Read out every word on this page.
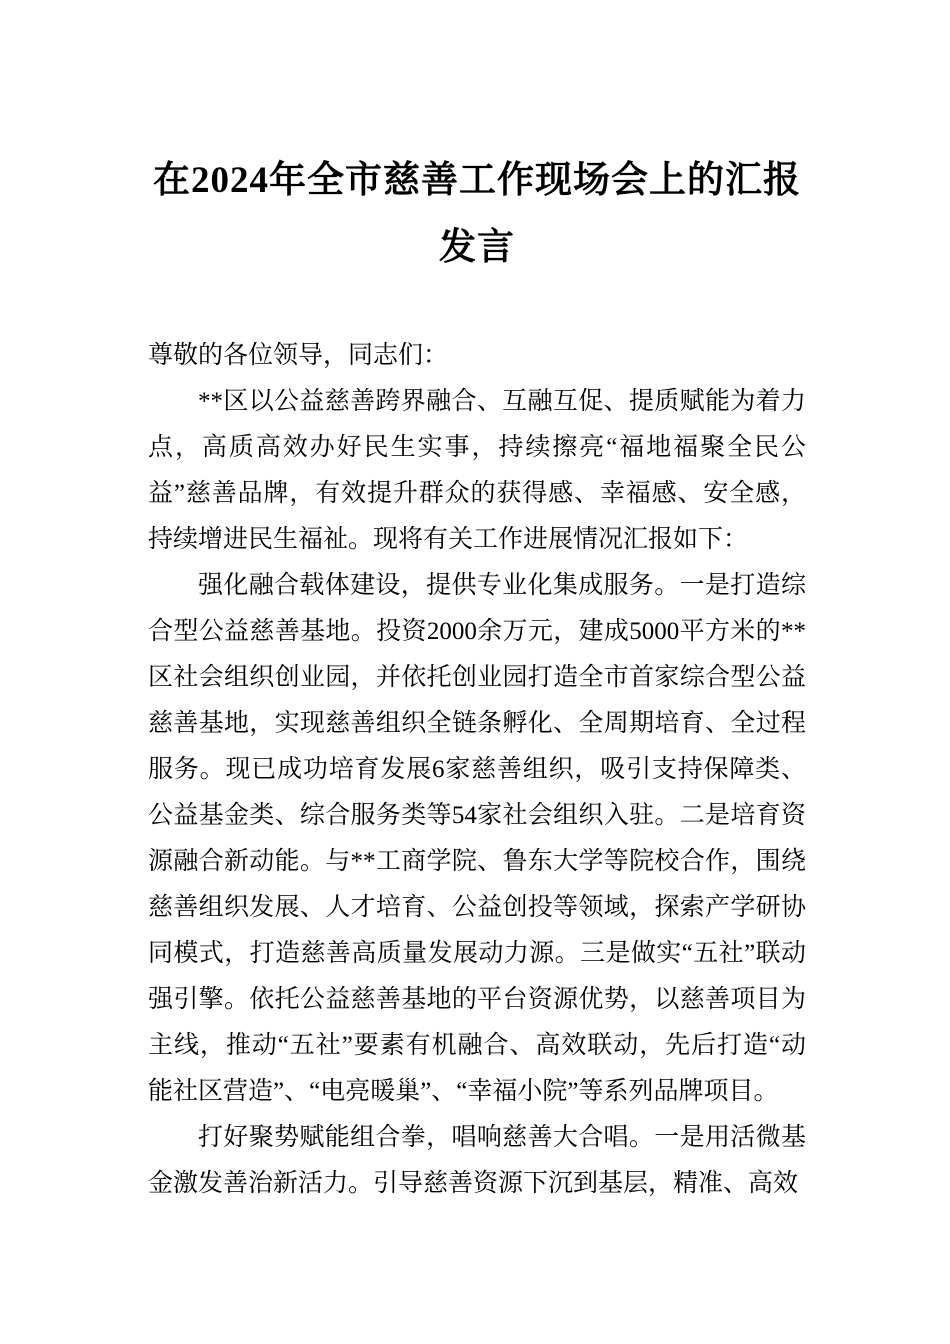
在2024年全市慈善工作现场会上的汇报发言

尊敬的各位领导，同志们：

**区以公益慈善跨界融合、互融互促、提质赋能为着力点，高质高效办好民生实事，持续擦亮“福地福聚全民公益”慈善品牌，有效提升群众的获得感、幸福感、安全感，持续增进民生福祉。现将有关工作进展情况汇报如下：

强化融合载体建设，提供专业化集成服务。一是打造综合型公益慈善基地。投资2000余万元，建成5000平方米的**区社会组织创业园，并依托创业园打造全市首家综合型公益慈善基地，实现慈善组织全链条孵化、全周期培育、全过程服务。现已成功培育发展6家慈善组织，吸引支持保障类、公益基金类、综合服务类等54家社会组织入驻。二是培育资源融合新动能。与**工商学院、鲁东大学等院校合作，围绕慈善组织发展、人才培育、公益创投等领域，探索产学研协同模式，打造慈善高质量发展动力源。三是做实“五社”联动强引擎。依托公益慈善基地的平台资源优势，以慈善项目为主线，推动“五社”要素有机融合、高效联动，先后打造“动能社区营造”、“电亮暖巢”、“幸福小院”等系列品牌项目。

打好聚势赋能组合拳，唱响慈善大合唱。一是用活微基金激发善治新活力。引导慈善资源下沉到基层，精准、高效
